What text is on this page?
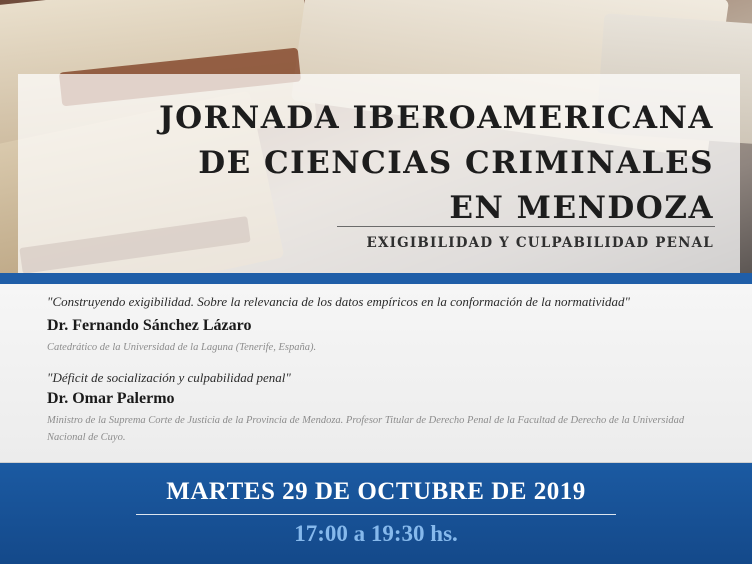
JORNADA IBEROAMERICANA
DE CIENCIAS CRIMINALES
EN MENDOZA
EXIGIBILIDAD Y CULPABILIDAD PENAL
"Construyendo exigibilidad. Sobre la relevancia de los datos empíricos en la conformación de la normatividad"
Dr. Fernando Sánchez Lázaro
Catedrático de la Universidad de la Laguna (Tenerife, España).
"Déficit de socialización y culpabilidad penal"
Dr. Omar Palermo
Ministro de la Suprema Corte de Justicia de la Provincia de Mendoza. Profesor Titular de Derecho Penal de la Facultad de Derecho de la Universidad Nacional de Cuyo.
MARTES 29 DE OCTUBRE DE 2019
17:00 a 19:30 hs.
